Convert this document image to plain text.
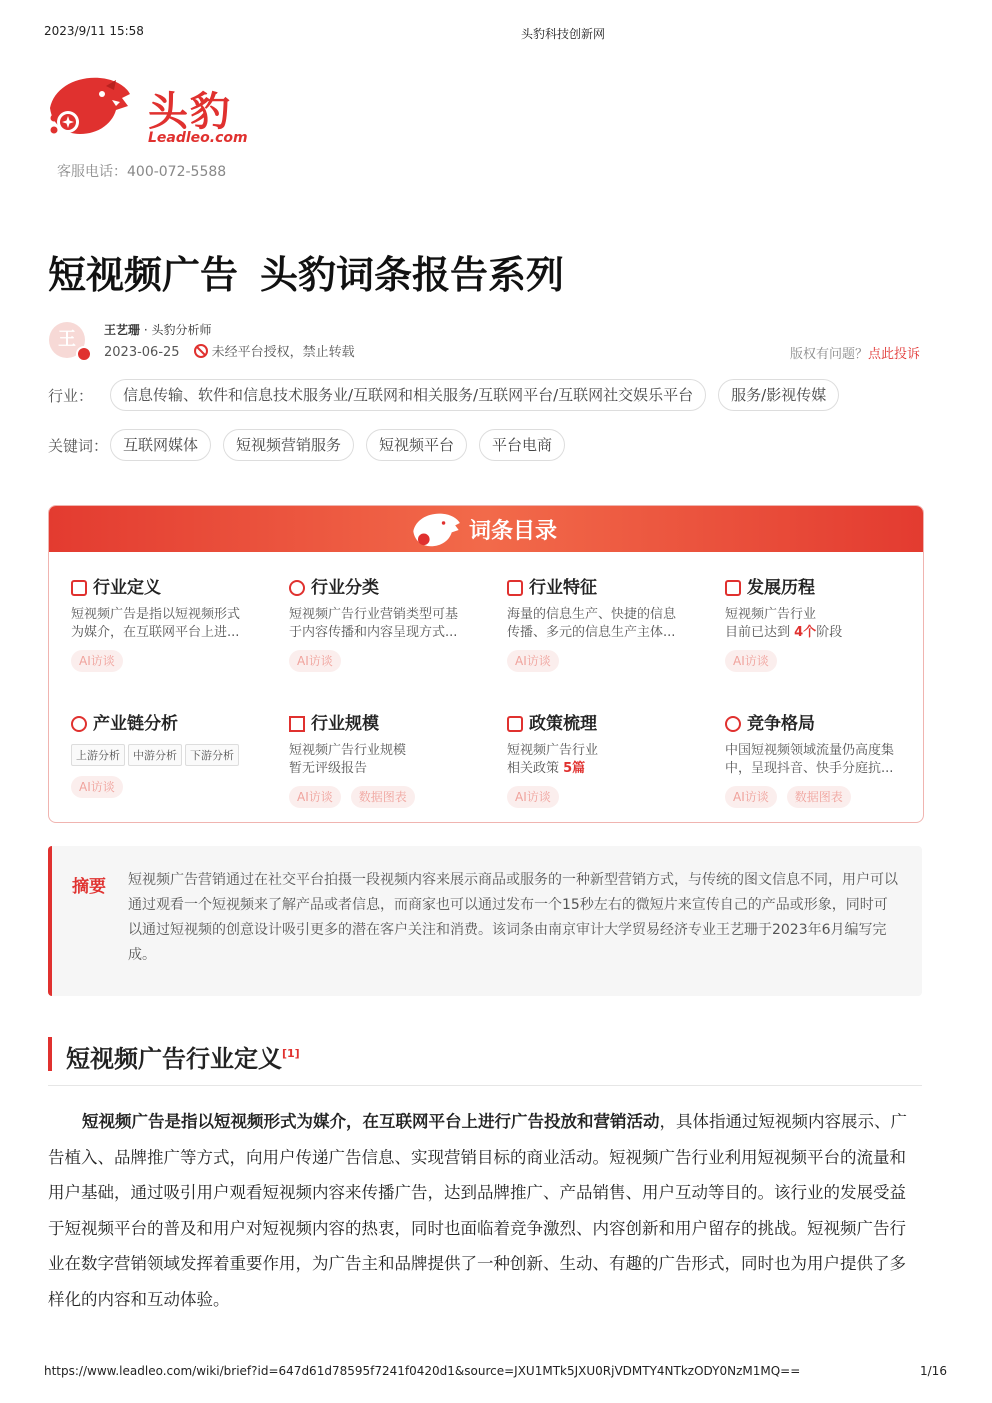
2023/9/11 15:58	头豹科技创新网
头豹
Leadleo.com
客服电话：400-072-5588
短视频广告 头豹词条报告系列
王	王艺珊 · 头豹分析师
2023-06-25 未经平台授权，禁止转载	版权有问题？点此投诉
行业：	信息传输、软件和信息技术服务业/互联网和相关服务/互联网平台/互联网社交娱乐平台	服务/影视传媒
关键词： 互联网媒体	短视频营销服务	短视频平台	平台电商
词条目录
行业定义
短视频广告是指以短视频形式
为媒介，在互联网平台上进...
AI访谈
行业分类
短视频广告行业营销类型可基
于内容传播和内容呈现方式...
AI访谈
行业特征
海量的信息生产、快捷的信息
传播、多元的信息生产主体...
AI访谈
发展历程
短视频广告行业
目前已达到 4个阶段
AI访谈
产业链分析
上游分析 中游分析 下游分析
AI访谈
行业规模
短视频广告行业规模
暂无评级报告
AI访谈 数据图表
政策梳理
短视频广告行业
相关政策 5篇
AI访谈
竞争格局
中国短视频领域流量仍高度集
中，呈现抖音、快手分庭抗...
AI访谈 数据图表
摘要 短视频广告营销通过在社交平台拍摄一段视频内容来展示商品或服务的一种新型营销方式，与传统的图文信息不同，用户可以通过观看一个短视频来了解产品或者信息，而商家也可以通过发布一个15秒左右的微短片来宣传自己的产品或形象，同时可以通过短视频的创意设计吸引更多的潜在客户关注和消费。该词条由南京审计大学贸易经济专业王艺珊于2023年6月编写完成。
短视频广告行业定义[1]
短视频广告是指以短视频形式为媒介，在互联网平台上进行广告投放和营销活动，具体指通过短视频内容展示、广告植入、品牌推广等方式，向用户传递广告信息、实现营销目标的商业活动。短视频广告行业利用短视频平台的流量和用户基础，通过吸引用户观看短视频内容来传播广告，达到品牌推广、产品销售、用户互动等目的。该行业的发展受益于短视频平台的普及和用户对短视频内容的热衷，同时也面临着竞争激烈、内容创新和用户留存的挑战。短视频广告行业在数字营销领域发挥着重要作用，为广告主和品牌提供了一种创新、生动、有趣的广告形式，同时也为用户提供了多样化的内容和互动体验。
https://www.leadleo.com/wiki/brief?id=647d61d78595f7241f0420d1&source=JXU1MTk5JXU0RjVDMTY4NTkzODY0NzM1MQ==	1/16
